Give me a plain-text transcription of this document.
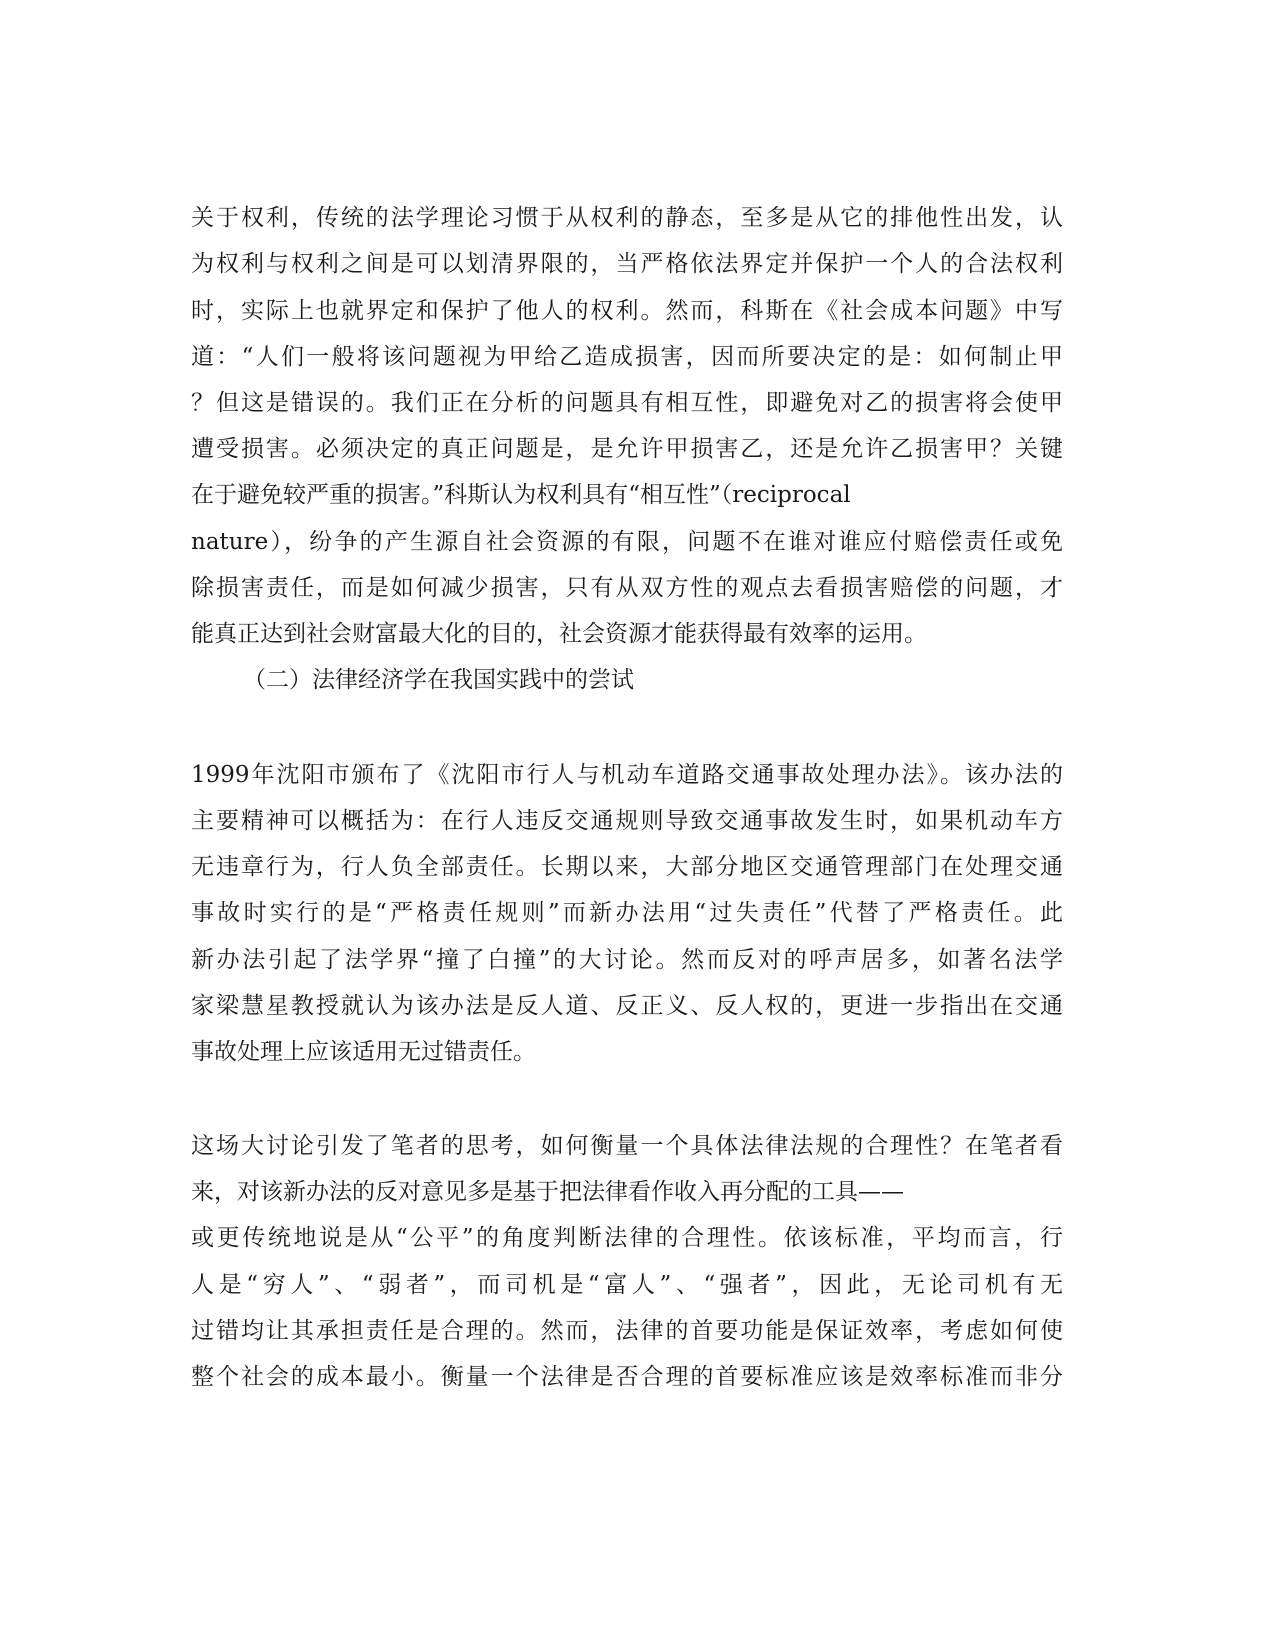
关于权利，传统的法学理论习惯于从权利的静态，至多是从它的排他性出发，认

为权利与权利之间是可以划清界限的，当严格依法界定并保护一个人的合法权利

时，实际上也就界定和保护了他人的权利。然而，科斯在《社会成本问题》中写

道：“人们一般将该问题视为甲给乙造成损害，因而所要决定的是：如何制止甲

？但这是错误的。我们正在分析的问题具有相互性，即避免对乙的损害将会使甲

遭受损害。必须决定的真正问题是，是允许甲损害乙，还是允许乙损害甲？关键

在于避免较严重的损害。”科斯认为权利具有“相互性”（reciprocal

nature），纷争的产生源自社会资源的有限，问题不在谁对谁应付赔偿责任或免

除损害责任，而是如何减少损害，只有从双方性的观点去看损害赔偿的问题，才

能真正达到社会财富最大化的目的，社会资源才能获得最有效率的运用。

（二）法律经济学在我国实践中的尝试

1999年沈阳市颁布了《沈阳市行人与机动车道路交通事故处理办法》。该办法的

主要精神可以概括为：在行人违反交通规则导致交通事故发生时，如果机动车方

无违章行为，行人负全部责任。长期以来，大部分地区交通管理部门在处理交通

事故时实行的是“严格责任规则”而新办法用“过失责任”代替了严格责任。此

新办法引起了法学界“撞了白撞”的大讨论。然而反对的呼声居多，如著名法学

家梁慧星教授就认为该办法是反人道、反正义、反人权的，更进一步指出在交通

事故处理上应该适用无过错责任。

这场大讨论引发了笔者的思考，如何衡量一个具体法律法规的合理性？在笔者看

来，对该新办法的反对意见多是基于把法律看作收入再分配的工具——

或更传统地说是从“公平”的角度判断法律的合理性。依该标准，平均而言，行

人是“穷人”、“弱者”，而司机是“富人”、“强者”，因此，无论司机有无

过错均让其承担责任是合理的。然而，法律的首要功能是保证效率，考虑如何使

整个社会的成本最小。衡量一个法律是否合理的首要标准应该是效率标准而非分
